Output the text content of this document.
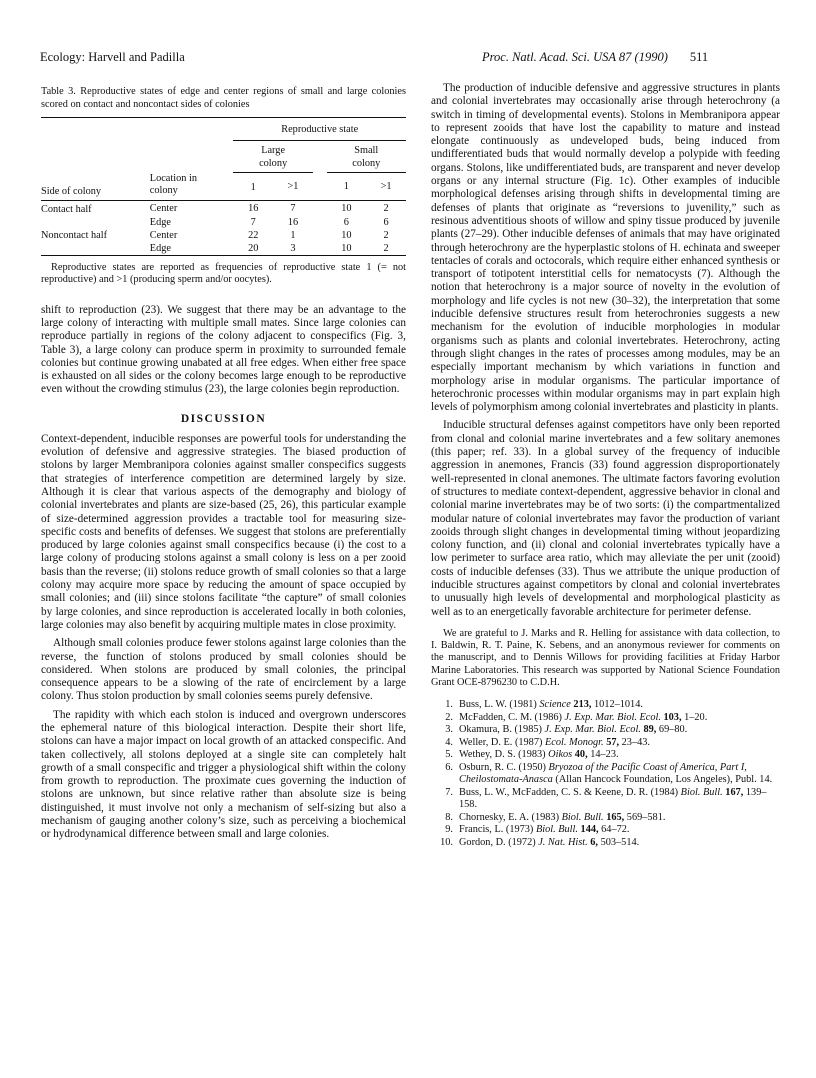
Ecology: Harvell and Padilla	Proc. Natl. Acad. Sci. USA 87 (1990) 511
Table 3. Reproductive states of edge and center regions of small and large colonies scored on contact and noncontact sides of colonies

		Reproductive state					

		Large colony			Small colony		

Side of colony	Location in colony	1	>1		1	>1	
Contact half	Center	16	7		10	2	
	Edge	7	16		6	6	
Noncontact half	Center	22	1		10	2	
	Edge	20	3		10	2	
Reproductive states are reported as frequencies of reproductive state 1 (= not reproductive) and >1 (producing sperm and/or oocytes).

shift to reproduction (23). We suggest that there may be an advantage to the large colony of interacting with multiple small mates. Since large colonies can reproduce partially in regions of the colony adjacent to conspecifics (Fig. 3, Table 3), a large colony can produce sperm in proximity to surrounded female colonies but continue growing unabated at all free edges. When either free space is exhausted on all sides or the colony becomes large enough to be reproductive even without the crowding stimulus (23), the large colonies begin reproduction.

DISCUSSION

Context-dependent, inducible responses are powerful tools for understanding the evolution of defensive and aggressive strategies. The biased production of stolons by larger Membranipora colonies against smaller conspecifics suggests that strategies of interference competition are determined largely by size. Although it is clear that various aspects of the demography and biology of colonial invertebrates and plants are size-based (25, 26), this particular example of size-determined aggression provides a tractable tool for measuring size-specific costs and benefits of defenses. We suggest that stolons are preferentially produced by large colonies against small conspecifics because (i) the cost to a large colony of producing stolons against a small colony is less on a per zooid basis than the reverse; (ii) stolons reduce growth of small colonies so that a large colony may acquire more space by reducing the amount of space occupied by small colonies; and (iii) since stolons facilitate “the capture” of small colonies by large colonies, and since reproduction is accelerated locally in both colonies, large colonies may also benefit by acquiring multiple mates in close proximity.

Although small colonies produce fewer stolons against large colonies than the reverse, the function of stolons produced by small colonies should be considered. When stolons are produced by small colonies, the principal consequence appears to be a slowing of the rate of encirclement by a large colony. Thus stolon production by small colonies seems purely defensive.

The rapidity with which each stolon is induced and overgrown underscores the ephemeral nature of this biological interaction. Despite their short life, stolons can have a major impact on local growth of an attacked conspecific. And taken collectively, all stolons deployed at a single site can completely halt growth of a small conspecific and trigger a physiological shift within the colony from growth to reproduction. The proximate cues governing the induction of stolons are unknown, but since relative rather than absolute size is being distinguished, it must involve not only a mechanism of self-sizing but also a mechanism of gauging another colony’s size, such as perceiving a biochemical or hydrodynamical difference between small and large colonies.

The production of inducible defensive and aggressive structures in plants and colonial invertebrates may occasionally arise through heterochrony (a switch in timing of developmental events). Stolons in Membranipora appear to represent zooids that have lost the capability to mature and instead elongate continuously as undeveloped buds, being induced from undifferentiated buds that would normally develop a polypide with feeding organs. Stolons, like undifferentiated buds, are transparent and never develop organs or any internal structure (Fig. 1c). Other examples of inducible morphological defenses arising through shifts in developmental timing are defenses of plants that originate as “reversions to juvenility,” such as resinous adventitious shoots of willow and spiny tissue produced by juvenile plants (27–29). Other inducible defenses of animals that may have originated through heterochrony are the hyperplastic stolons of H. echinata and sweeper tentacles of corals and octocorals, which require either enhanced synthesis or transport of totipotent interstitial cells for nematocysts (7). Although the notion that heterochrony is a major source of novelty in the evolution of morphology and life cycles is not new (30–32), the interpretation that some inducible defensive structures result from heterochronies suggests a new mechanism for the evolution of inducible morphologies in modular organisms such as plants and colonial invertebrates. Heterochrony, acting through slight changes in the rates of processes among modules, may be an especially important mechanism by which variations in function and morphology arise in modular organisms. The particular importance of heterochronic processes within modular organisms may in part explain high levels of polymorphism among colonial invertebrates and plasticity in plants.

Inducible structural defenses against competitors have only been reported from clonal and colonial marine invertebrates and a few solitary anemones (this paper; ref. 33). In a global survey of the frequency of inducible aggression in anemones, Francis (33) found aggression disproportionately well-represented in clonal anemones. The ultimate factors favoring evolution of structures to mediate context-dependent, aggressive behavior in clonal and colonial marine invertebrates may be of two sorts: (i) the compartmentalized modular nature of colonial invertebrates may favor the production of variant zooids through slight changes in developmental timing without jeopardizing colony function, and (ii) clonal and colonial invertebrates typically have a low perimeter to surface area ratio, which may alleviate the per unit (zooid) costs of inducible defenses (33). Thus we attribute the unique production of inducible structures against competitors by clonal and colonial invertebrates to unusually high levels of developmental and morphological plasticity as well as to an energetically favorable architecture for perimeter defense.

We are grateful to J. Marks and R. Helling for assistance with data collection, to I. Baldwin, R. T. Paine, K. Sebens, and an anonymous reviewer for comments on the manuscript, and to Dennis Willows for providing facilities at Friday Harbor Marine Laboratories. This research was supported by National Science Foundation Grant OCE-8796230 to C.D.H.
1. Buss, L. W. (1981) Science 213, 1012–1014.
2. McFadden, C. M. (1986) J. Exp. Mar. Biol. Ecol. 103, 1–20.
3. Okamura, B. (1985) J. Exp. Mar. Biol. Ecol. 89, 69–80.
4. Weller, D. E. (1987) Ecol. Monogr. 57, 23–43.
5. Wethey, D. S. (1983) Oikos 40, 14–23.
6. Osburn, R. C. (1950) Bryozoa of the Pacific Coast of America, Part I, Cheilostomata-Anasca (Allan Hancock Foundation, Los Angeles), Publ. 14.
7. Buss, L. W., McFadden, C. S. & Keene, D. R. (1984) Biol. Bull. 167, 139–158.
8. Chornesky, E. A. (1983) Biol. Bull. 165, 569–581.
9. Francis, L. (1973) Biol. Bull. 144, 64–72.
10. Gordon, D. (1972) J. Nat. Hist. 6, 503–514.
